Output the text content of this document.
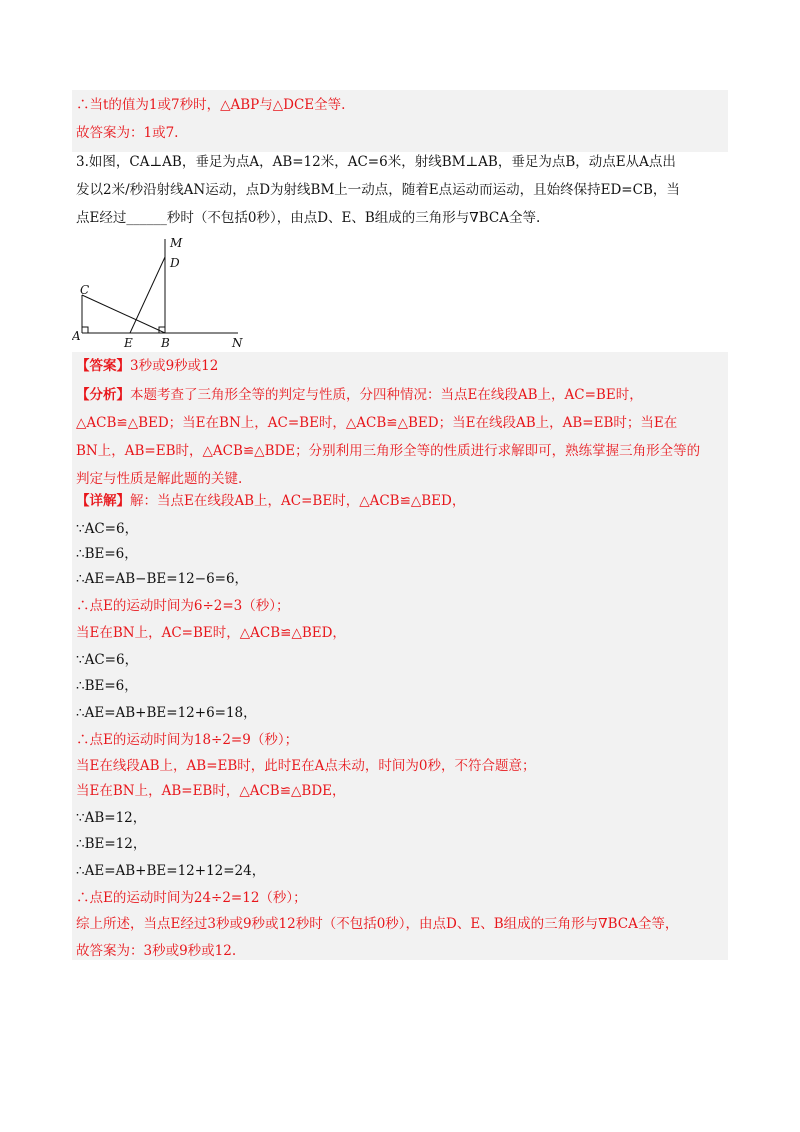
∴当t的值为1或7秒时，△ABP与△DCE全等.
故答案为：1或7.
3.如图，CA⊥AB，垂足为点A，AB=12米，AC=6米，射线BM⊥AB，垂足为点B，动点E从A点出
发以2米/秒沿射线AN运动，点D为射线BM上一动点，随着E点运动而运动，且始终保持ED=CB，当
点E经过______秒时（不包括0秒），由点D、E、B组成的三角形与∇BCA全等.
M
D
C
A	E B	N
【答案】3秒或9秒或12
【分析】本题考查了三角形全等的判定与性质，分四种情况：当点E在线段AB上，AC=BE时，
△ACB≌△BED；当E在BN上，AC=BE时，△ACB≌△BED；当E在线段AB上，AB=EB时；当E在
BN上，AB=EB时，△ACB≌△BDE；分别利用三角形全等的性质进行求解即可，熟练掌握三角形全等的
判定与性质是解此题的关键.
【详解】解：当点E在线段AB上，AC=BE时，△ACB≌△BED，
∵AC=6，
∴BE=6，
∴AE=AB−BE=12−6=6，
∴点E的运动时间为6÷2=3（秒）；
当E在BN上，AC=BE时，△ACB≌△BED，
∵AC=6，
∴BE=6，
∴AE=AB+BE=12+6=18，
∴点E的运动时间为18÷2=9（秒）；
当E在线段AB上，AB=EB时，此时E在A点未动，时间为0秒，不符合题意；
当E在BN上，AB=EB时，△ACB≌△BDE，
∵AB=12，
∴BE=12，
∴AE=AB+BE=12+12=24，
∴点E的运动时间为24÷2=12（秒）；
综上所述，当点E经过3秒或9秒或12秒时（不包括0秒），由点D、E、B组成的三角形与∇BCA全等，
故答案为：3秒或9秒或12.
